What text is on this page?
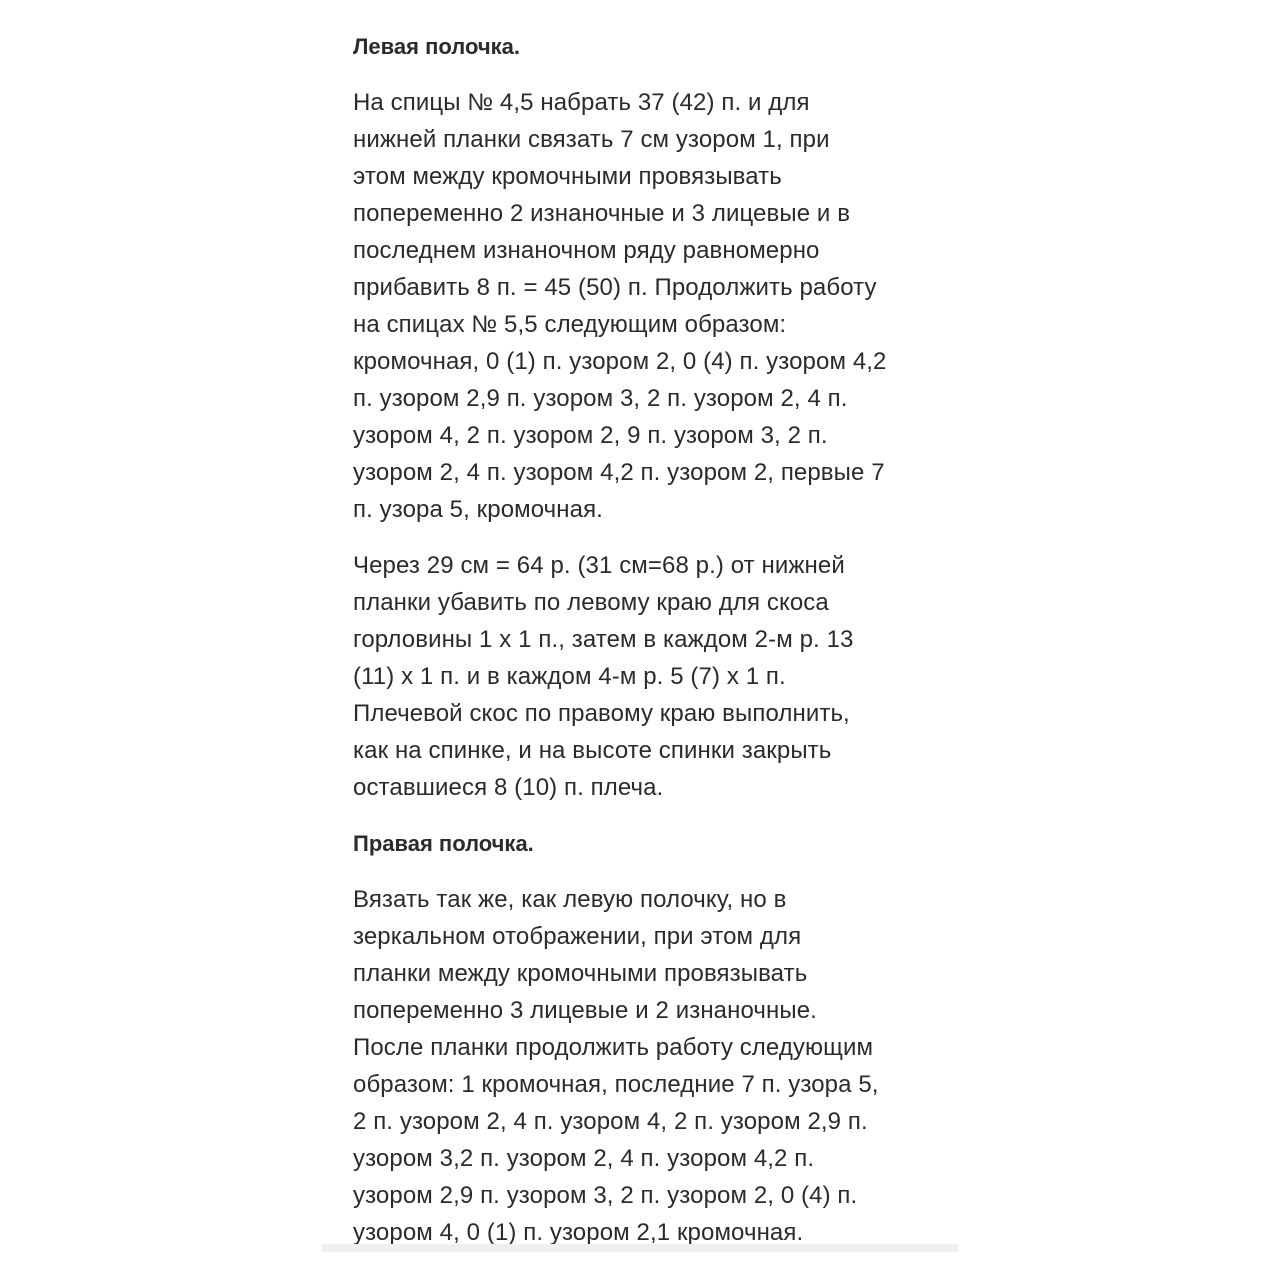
Левая полочка.

На спицы № 4,5 набрать 37 (42) п. и для
нижней планки связать 7 см узором 1, при
этом между кромочными провязывать
попеременно 2 изнаночные и 3 лицевые и в
последнем изнаночном ряду равномерно
прибавить 8 п. = 45 (50) п. Продолжить работу
на спицах № 5,5 следующим образом:
кромочная, 0 (1) п. узором 2, 0 (4) п. узором 4,2
п. узором 2,9 п. узором 3, 2 п. узором 2, 4 п.
узором 4, 2 п. узором 2, 9 п. узором 3, 2 п.
узором 2, 4 п. узором 4,2 п. узором 2, первые 7
п. узора 5, кромочная.

Через 29 см = 64 р. (31 см=68 р.) от нижней
планки убавить по левому краю для скоса
горловины 1 х 1 п., затем в каждом 2-м р. 13
(11) х 1 п. и в каждом 4-м р. 5 (7) х 1 п.
Плечевой скос по правому краю выполнить,
как на спинке, и на высоте спинки закрыть
оставшиеся 8 (10) п. плеча.

Правая полочка.

Вязать так же, как левую полочку, но в
зеркальном отображении, при этом для
планки между кромочными провязывать
попеременно 3 лицевые и 2 изнаночные.
После планки продолжить работу следующим
образом: 1 кромочная, последние 7 п. узора 5,
2 п. узором 2, 4 п. узором 4, 2 п. узором 2,9 п.
узором 3,2 п. узором 2, 4 п. узором 4,2 п.
узором 2,9 п. узором 3, 2 п. узором 2, 0 (4) п.
узором 4, 0 (1) п. узором 2,1 кромочная.
